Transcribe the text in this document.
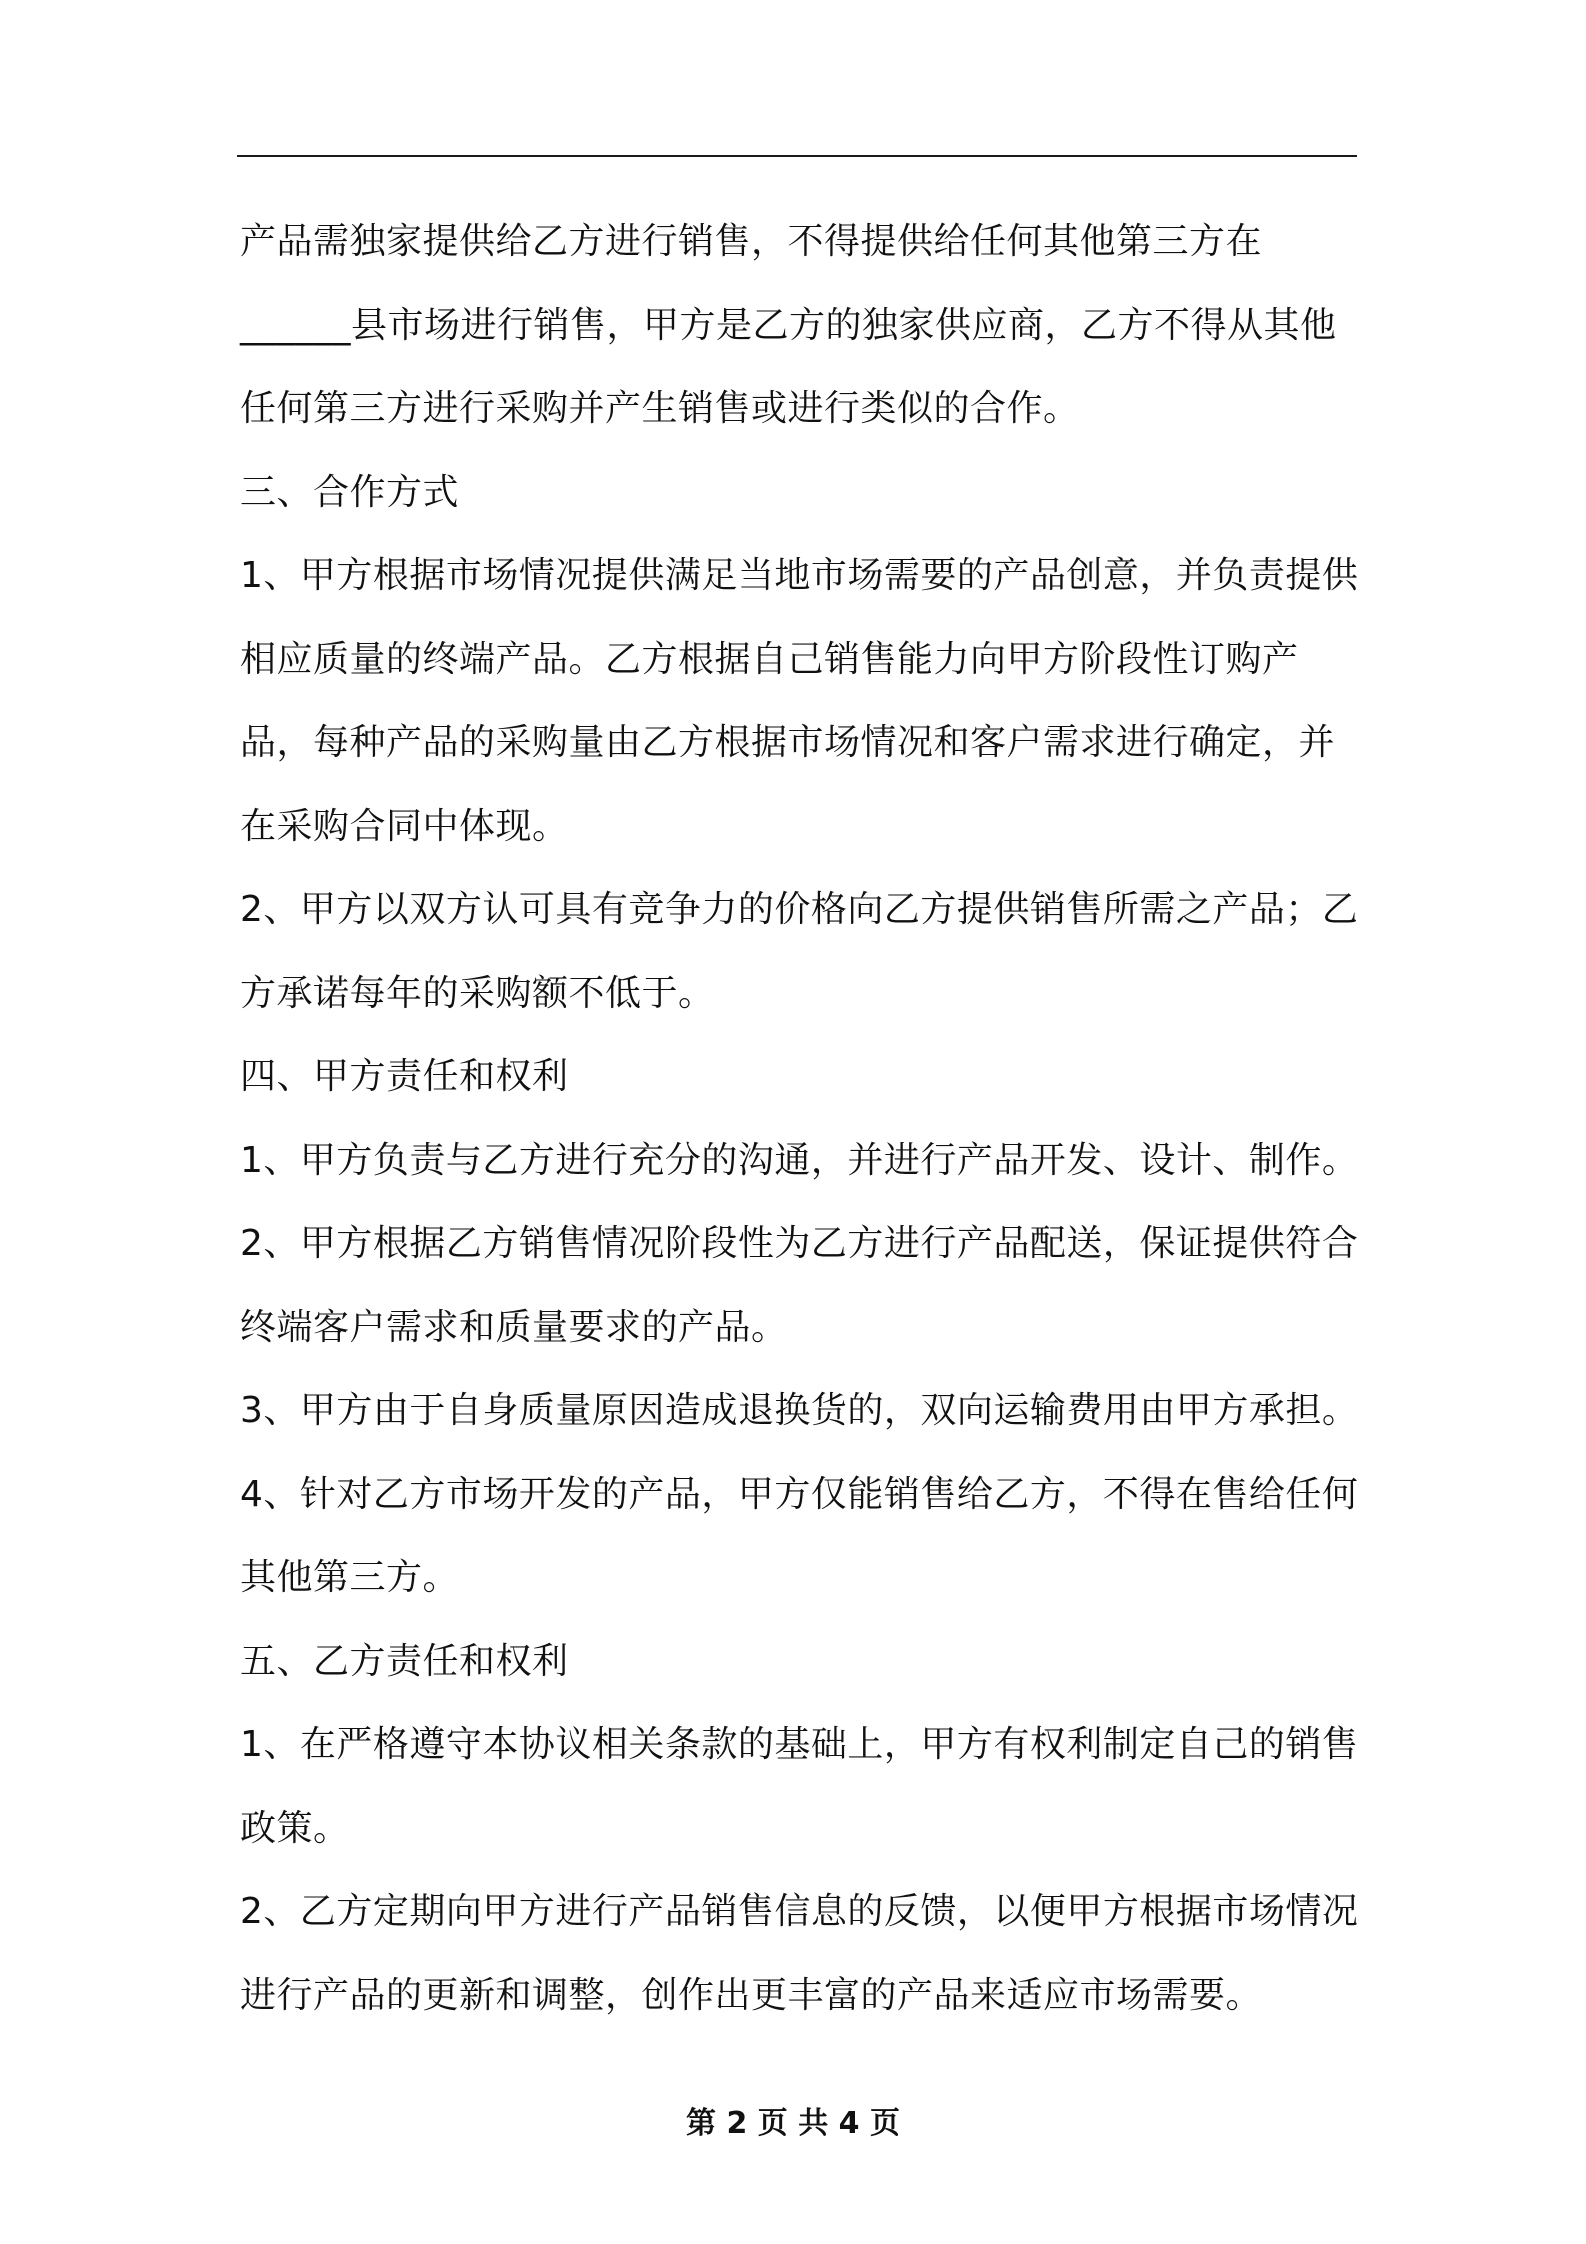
产品需独家提供给乙方进行销售，不得提供给任何其他第三方在______县市场进行销售，甲方是乙方的独家供应商，乙方不得从其他任何第三方进行采购并产生销售或进行类似的合作。

三、合作方式

1、甲方根据市场情况提供满足当地市场需要的产品创意，并负责提供相应质量的终端产品。乙方根据自己销售能力向甲方阶段性订购产品，每种产品的采购量由乙方根据市场情况和客户需求进行确定，并在采购合同中体现。

2、甲方以双方认可具有竞争力的价格向乙方提供销售所需之产品；乙方承诺每年的采购额不低于。

四、甲方责任和权利

1、甲方负责与乙方进行充分的沟通，并进行产品开发、设计、制作。

2、甲方根据乙方销售情况阶段性为乙方进行产品配送，保证提供符合终端客户需求和质量要求的产品。

3、甲方由于自身质量原因造成退换货的，双向运输费用由甲方承担。

4、针对乙方市场开发的产品，甲方仅能销售给乙方，不得在售给任何其他第三方。

五、乙方责任和权利

1、在严格遵守本协议相关条款的基础上，甲方有权利制定自己的销售政策。

2、乙方定期向甲方进行产品销售信息的反馈，以便甲方根据市场情况进行产品的更新和调整，创作出更丰富的产品来适应市场需要。

第 2 页 共 4 页
